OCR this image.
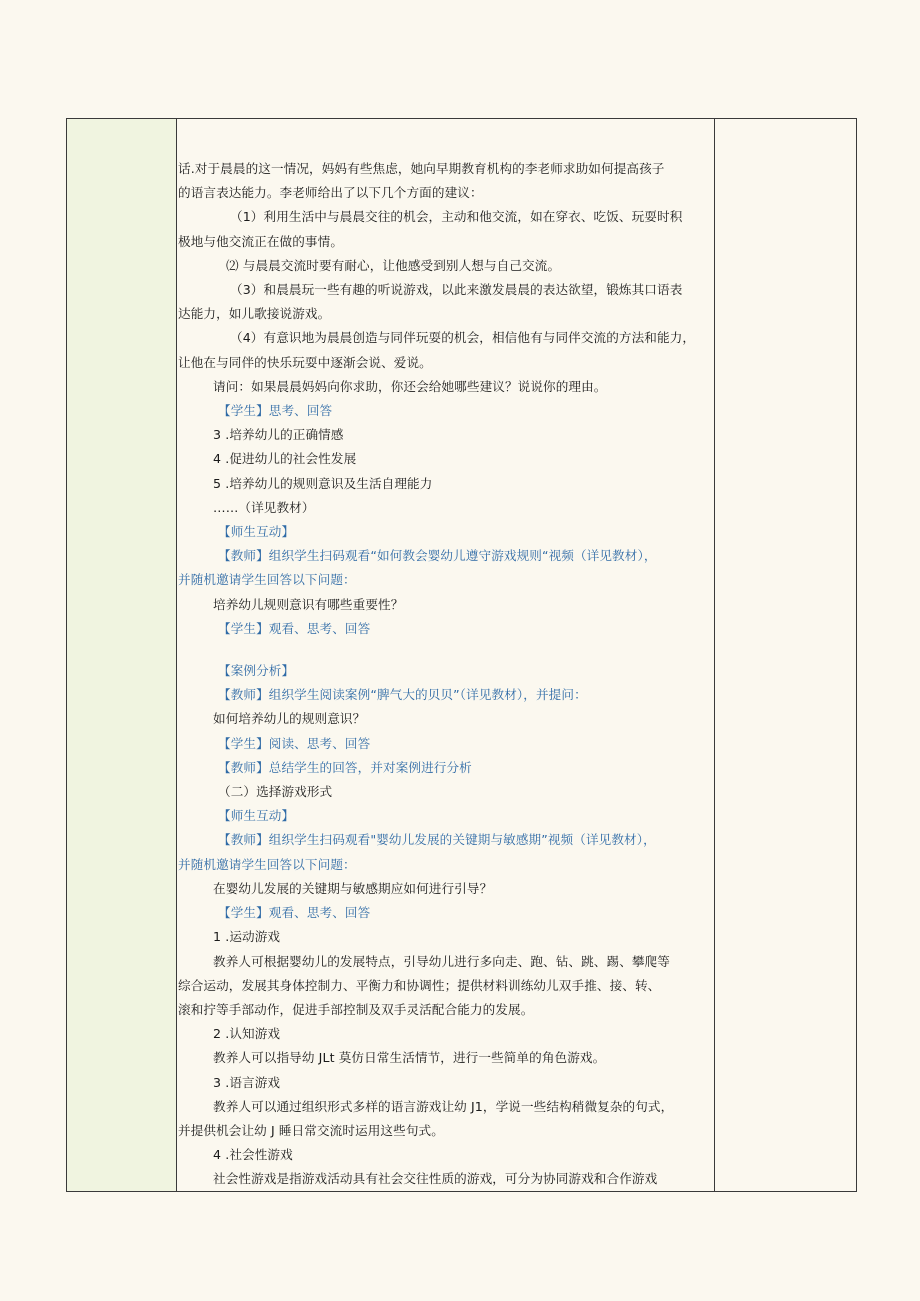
话.对于晨晨的这一情况，妈妈有些焦虑，她向早期教育机构的李老师求助如何提高孩子
的语言表达能力。李老师给出了以下几个方面的建议：
（1）利用生活中与晨晨交往的机会，主动和他交流，如在穿衣、吃饭、玩耍时积
极地与他交流正在做的事情。
⑵ 与晨晨交流时要有耐心，让他感受到别人想与自己交流。
（3）和晨晨玩一些有趣的听说游戏，以此来激发晨晨的表达欲望，锻炼其口语表
达能力，如儿歌接说游戏。
（4）有意识地为晨晨创造与同伴玩耍的机会，相信他有与同伴交流的方法和能力，
让他在与同伴的快乐玩耍中逐渐会说、爱说。
请问：如果晨晨妈妈向你求助，你还会给她哪些建议？说说你的理由。
【学生】思考、回答
3 .培养幼儿的正确情感
4 .促进幼儿的社会性发展
5 .培养幼儿的规则意识及生活自理能力
……（详见教材）
【师生互动】
【教师】组织学生扫码观看“如何教会婴幼儿遵守游戏规则“视频（详见教材），
并随机邀请学生回答以下问题：
培养幼儿规则意识有哪些重要性？
【学生】观看、思考、回答
【案例分析】
【教师】组织学生阅读案例“脾气大的贝贝”（详见教材），并提问：
如何培养幼儿的规则意识？
【学生】阅读、思考、回答
【教师】总结学生的回答，并对案例进行分析
（二）选择游戏形式
【师生互动】
【教师】组织学生扫码观看"婴幼儿发展的关键期与敏感期”视频（详见教材），
并随机邀请学生回答以下问题：
在婴幼儿发展的关键期与敏感期应如何进行引导？
【学生】观看、思考、回答
1 .运动游戏
教养人可根据婴幼儿的发展特点，引导幼儿进行多向走、跑、钻、跳、踢、攀爬等
综合运动，发展其身体控制力、平衡力和协调性；提供材料训练幼儿双手推、接、转、
滚和拧等手部动作，促进手部控制及双手灵活配合能力的发展。
2 .认知游戏
教养人可以指导幼 JLt 莫仿日常生活情节，进行一些简单的角色游戏。
3 .语言游戏
教养人可以通过组织形式多样的语言游戏让幼 J1，学说一些结构稍微复杂的句式，
并提供机会让幼 J 睡日常交流时运用这些句式。
4 .社会性游戏
社会性游戏是指游戏活动具有社会交往性质的游戏，可分为协同游戏和合作游戏
